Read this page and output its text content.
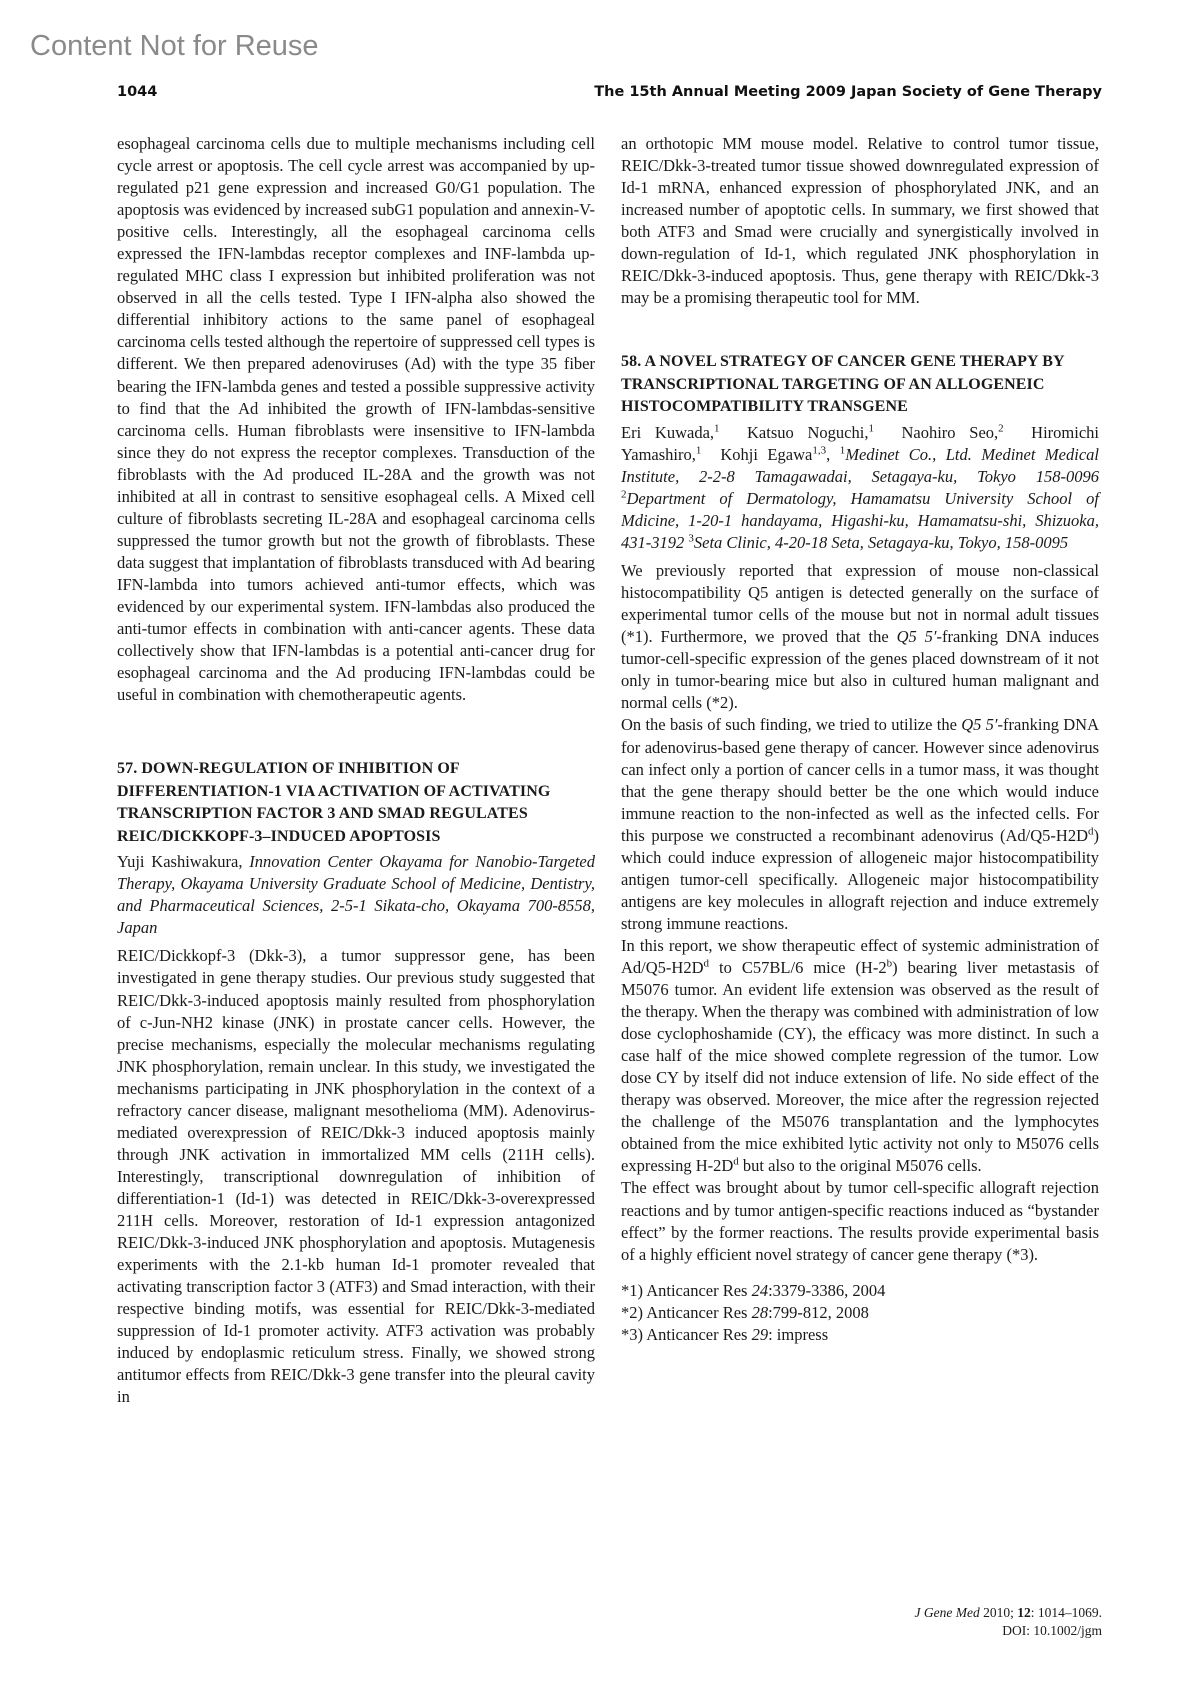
Content Not for Reuse
1044	The 15th Annual Meeting 2009 Japan Society of Gene Therapy

esophageal carcinoma cells due to multiple mechanisms including cell cycle arrest or apoptosis. The cell cycle arrest was accompanied by up-regulated p21 gene expression and increased G0/G1 population. The apoptosis was evidenced by increased subG1 population and annexin-V-positive cells. Interestingly, all the esophageal carcinoma cells expressed the IFN-lambdas receptor complexes and INF-lambda up-regulated MHC class I expression but inhibited proliferation was not observed in all the cells tested. Type I IFN-alpha also showed the differential inhibitory actions to the same panel of esophageal carcinoma cells tested although the repertoire of suppressed cell types is different. We then prepared adenoviruses (Ad) with the type 35 fiber bearing the IFN-lambda genes and tested a possible suppressive activity to find that the Ad inhibited the growth of IFN-lambdas-sensitive carcinoma cells. Human fibroblasts were insensitive to IFN-lambda since they do not express the receptor complexes. Transduction of the fibroblasts with the Ad produced IL-28A and the growth was not inhibited at all in contrast to sensitive esophageal cells. A Mixed cell culture of fibroblasts secreting IL-28A and esophageal carcinoma cells suppressed the tumor growth but not the growth of fibroblasts. These data suggest that implantation of fibroblasts transduced with Ad bearing IFN-lambda into tumors achieved anti-tumor effects, which was evidenced by our experimental system. IFN-lambdas also produced the anti-tumor effects in combination with anti-cancer agents. These data collectively show that IFN-lambdas is a potential anti-cancer drug for esophageal carcinoma and the Ad producing IFN-lambdas could be useful in combination with chemotherapeutic agents.

57. DOWN-REGULATION OF INHIBITION OF DIFFERENTIATION-1 VIA ACTIVATION OF ACTIVATING TRANSCRIPTION FACTOR 3 AND SMAD REGULATES REIC/DICKKOPF-3–INDUCED APOPTOSIS

Yuji Kashiwakura, Innovation Center Okayama for Nanobio-Targeted Therapy, Okayama University Graduate School of Medicine, Dentistry, and Pharmaceutical Sciences, 2-5-1 Sikata-cho, Okayama 700-8558, Japan

REIC/Dickkopf-3 (Dkk-3), a tumor suppressor gene, has been investigated in gene therapy studies. Our previous study suggested that REIC/Dkk-3-induced apoptosis mainly resulted from phosphorylation of c-Jun-NH2 kinase (JNK) in prostate cancer cells. However, the precise mechanisms, especially the molecular mechanisms regulating JNK phosphorylation, remain unclear. In this study, we investigated the mechanisms participating in JNK phosphorylation in the context of a refractory cancer disease, malignant mesothelioma (MM). Adenovirus-mediated overexpression of REIC/Dkk-3 induced apoptosis mainly through JNK activation in immortalized MM cells (211H cells). Interestingly, transcriptional downregulation of inhibition of differentiation-1 (Id-1) was detected in REIC/Dkk-3-overexpressed 211H cells. Moreover, restoration of Id-1 expression antagonized REIC/Dkk-3-induced JNK phosphorylation and apoptosis. Mutagenesis experiments with the 2.1-kb human Id-1 promoter revealed that activating transcription factor 3 (ATF3) and Smad interaction, with their respective binding motifs, was essential for REIC/Dkk-3-mediated suppression of Id-1 promoter activity. ATF3 activation was probably induced by endoplasmic reticulum stress. Finally, we showed strong antitumor effects from REIC/Dkk-3 gene transfer into the pleural cavity in

an orthotopic MM mouse model. Relative to control tumor tissue, REIC/Dkk-3-treated tumor tissue showed downregulated expression of Id-1 mRNA, enhanced expression of phosphorylated JNK, and an increased number of apoptotic cells. In summary, we first showed that both ATF3 and Smad were crucially and synergistically involved in down-regulation of Id-1, which regulated JNK phosphorylation in REIC/Dkk-3-induced apoptosis. Thus, gene therapy with REIC/Dkk-3 may be a promising therapeutic tool for MM.

58. A NOVEL STRATEGY OF CANCER GENE THERAPY BY TRANSCRIPTIONAL TARGETING OF AN ALLOGENEIC HISTOCOMPATIBILITY TRANSGENE

Eri Kuwada,$^1$ Katsuo Noguchi,$^1$ Naohiro Seo,$^2$ Hiromichi Yamashiro,$^1$ Kohji Egawa$^{1,3}$, $^1$Medinet Co., Ltd. Medinet Medical Institute, 2-2-8 Tamagawadai, Setagaya-ku, Tokyo 158-0096 $^2$Department of Dermatology, Hamamatsu University School of Mdicine, 1-20-1 handayama, Higashi-ku, Hamamatsu-shi, Shizuoka, 431-3192 $^3$Seta Clinic, 4-20-18 Seta, Setagaya-ku, Tokyo, 158-0095

We previously reported that expression of mouse non-classical histocompatibility Q5 antigen is detected generally on the surface of experimental tumor cells of the mouse but not in normal adult tissues (*1). Furthermore, we proved that the Q5 5′-franking DNA induces tumor-cell-specific expression of the genes placed downstream of it not only in tumor-bearing mice but also in cultured human malignant and normal cells (*2).

On the basis of such finding, we tried to utilize the Q5 5′-franking DNA for adenovirus-based gene therapy of cancer. However since adenovirus can infect only a portion of cancer cells in a tumor mass, it was thought that the gene therapy should better be the one which would induce immune reaction to the non-infected as well as the infected cells. For this purpose we constructed a recombinant adenovirus $(Ad/Q5-H2D^d)$ which could induce expression of allogeneic major histocompatibility antigen tumor-cell specifically. Allogeneic major histocompatibility antigens are key molecules in allograft rejection and induce extremely strong immune reactions.

In this report, we show therapeutic effect of systemic administration of $Ad/Q5-H2D^d$ to C57BL/6 mice (H-2$^b$) bearing liver metastasis of M5076 tumor. An evident life extension was observed as the result of the therapy. When the therapy was combined with administration of low dose cyclophoshamide (CY), the efficacy was more distinct. In such a case half of the mice showed complete regression of the tumor. Low dose CY by itself did not induce extension of life. No side effect of the therapy was observed. Moreover, the mice after the regression rejected the challenge of the M5076 transplantation and the lymphocytes obtained from the mice exhibited lytic activity not only to M5076 cells expressing $H-2D^d$ but also to the original M5076 cells.

The effect was brought about by tumor cell-specific allograft rejection reactions and by tumor antigen-specific reactions induced as “bystander effect” by the former reactions. The results provide experimental basis of a highly efficient novel strategy of cancer gene therapy (*3).

*1) Anticancer Res 24:3379-3386, 2004
*2) Anticancer Res 28:799-812, 2008
*3) Anticancer Res 29: impress
J Gene Med 2010; 12: 1014–1069.
DOI: 10.1002/jgm
